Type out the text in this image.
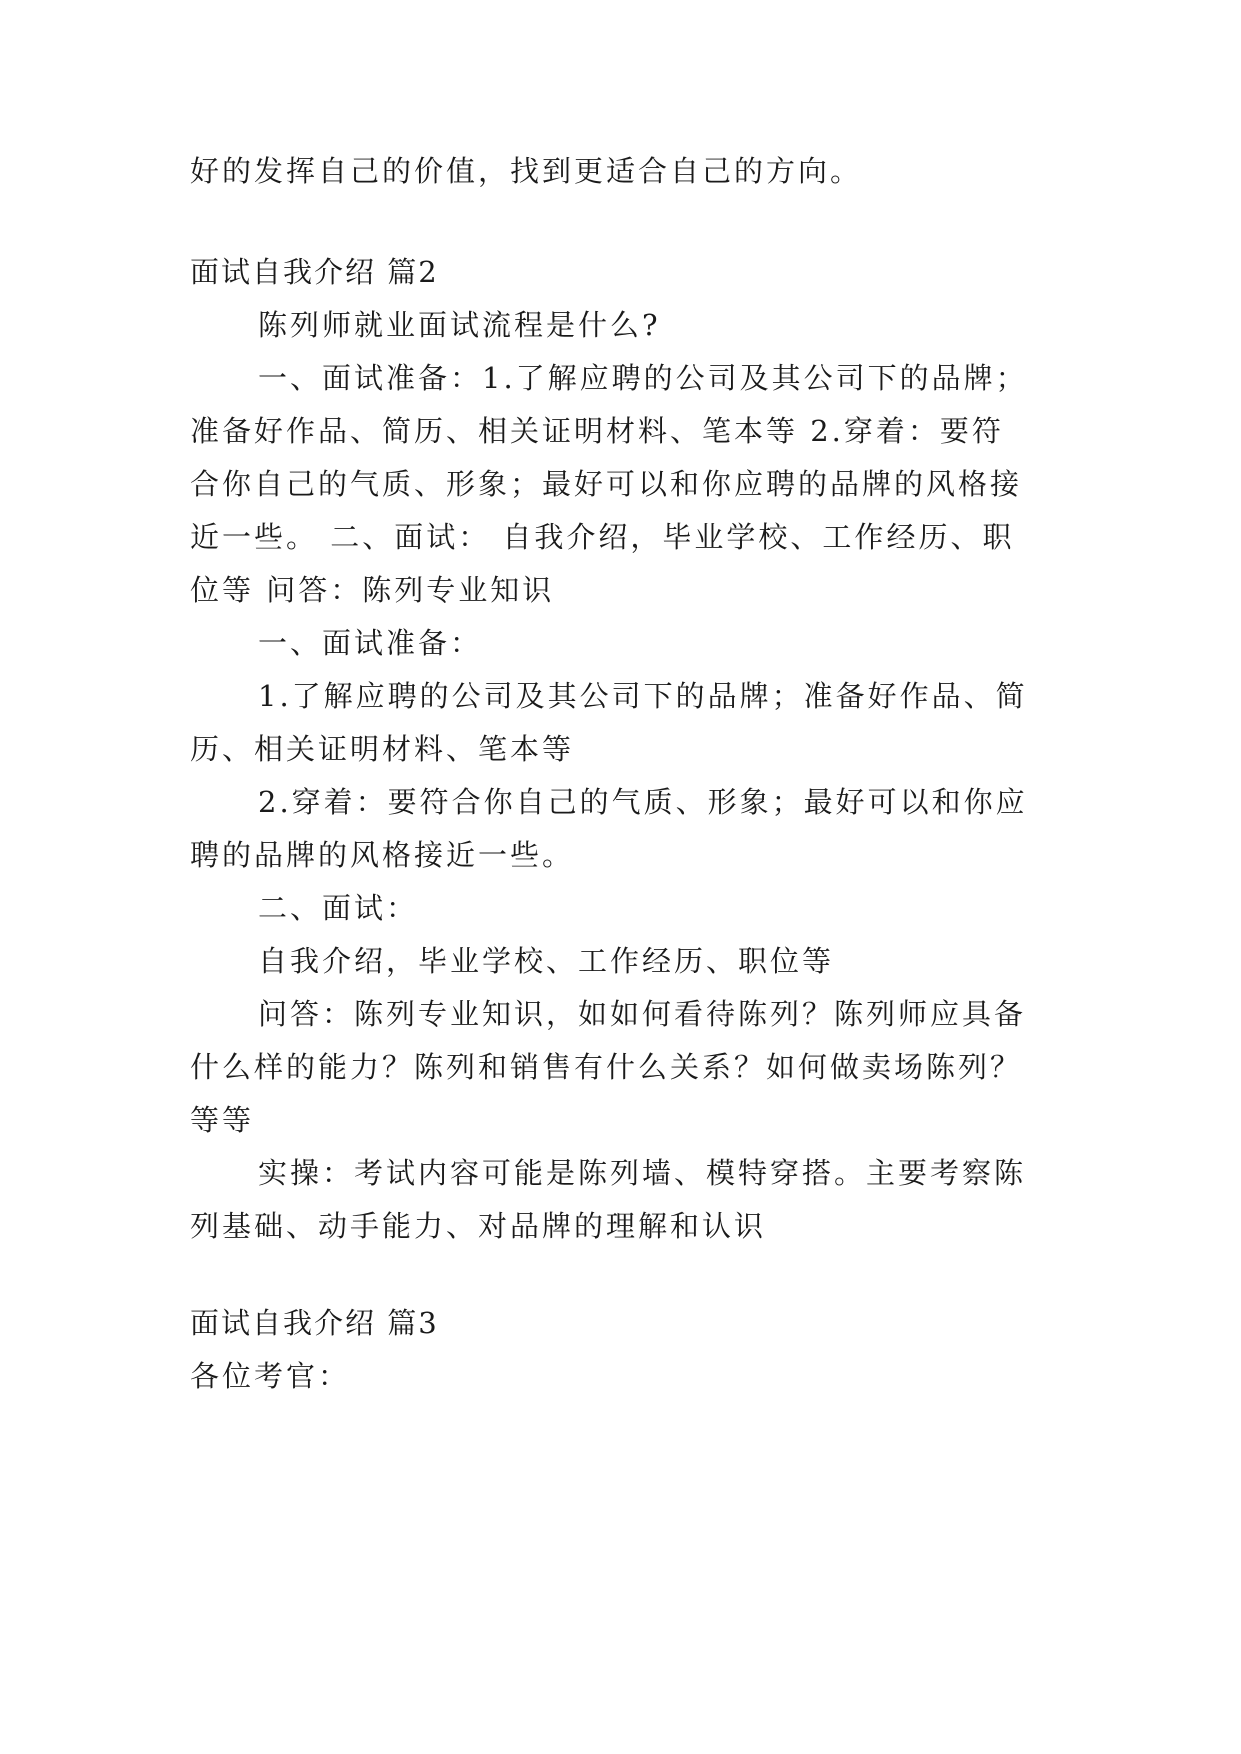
好的发挥自己的价值，找到更适合自己的方向。
面试自我介绍 篇2
陈列师就业面试流程是什么?
一、面试准备：1.了解应聘的公司及其公司下的品牌；
准备好作品、简历、相关证明材料、笔本等 2.穿着：要符
合你自己的气质、形象；最好可以和你应聘的品牌的风格接
近一些。 二、面试： 自我介绍，毕业学校、工作经历、职
位等 问答：陈列专业知识
一、面试准备：
1.了解应聘的公司及其公司下的品牌；准备好作品、简
历、相关证明材料、笔本等
2.穿着：要符合你自己的气质、形象；最好可以和你应
聘的品牌的风格接近一些。
二、面试：
自我介绍，毕业学校、工作经历、职位等
问答：陈列专业知识，如如何看待陈列？陈列师应具备
什么样的能力？陈列和销售有什么关系？如何做卖场陈列？
等等
实操：考试内容可能是陈列墙、模特穿搭。主要考察陈
列基础、动手能力、对品牌的理解和认识
面试自我介绍 篇3
各位考官：
